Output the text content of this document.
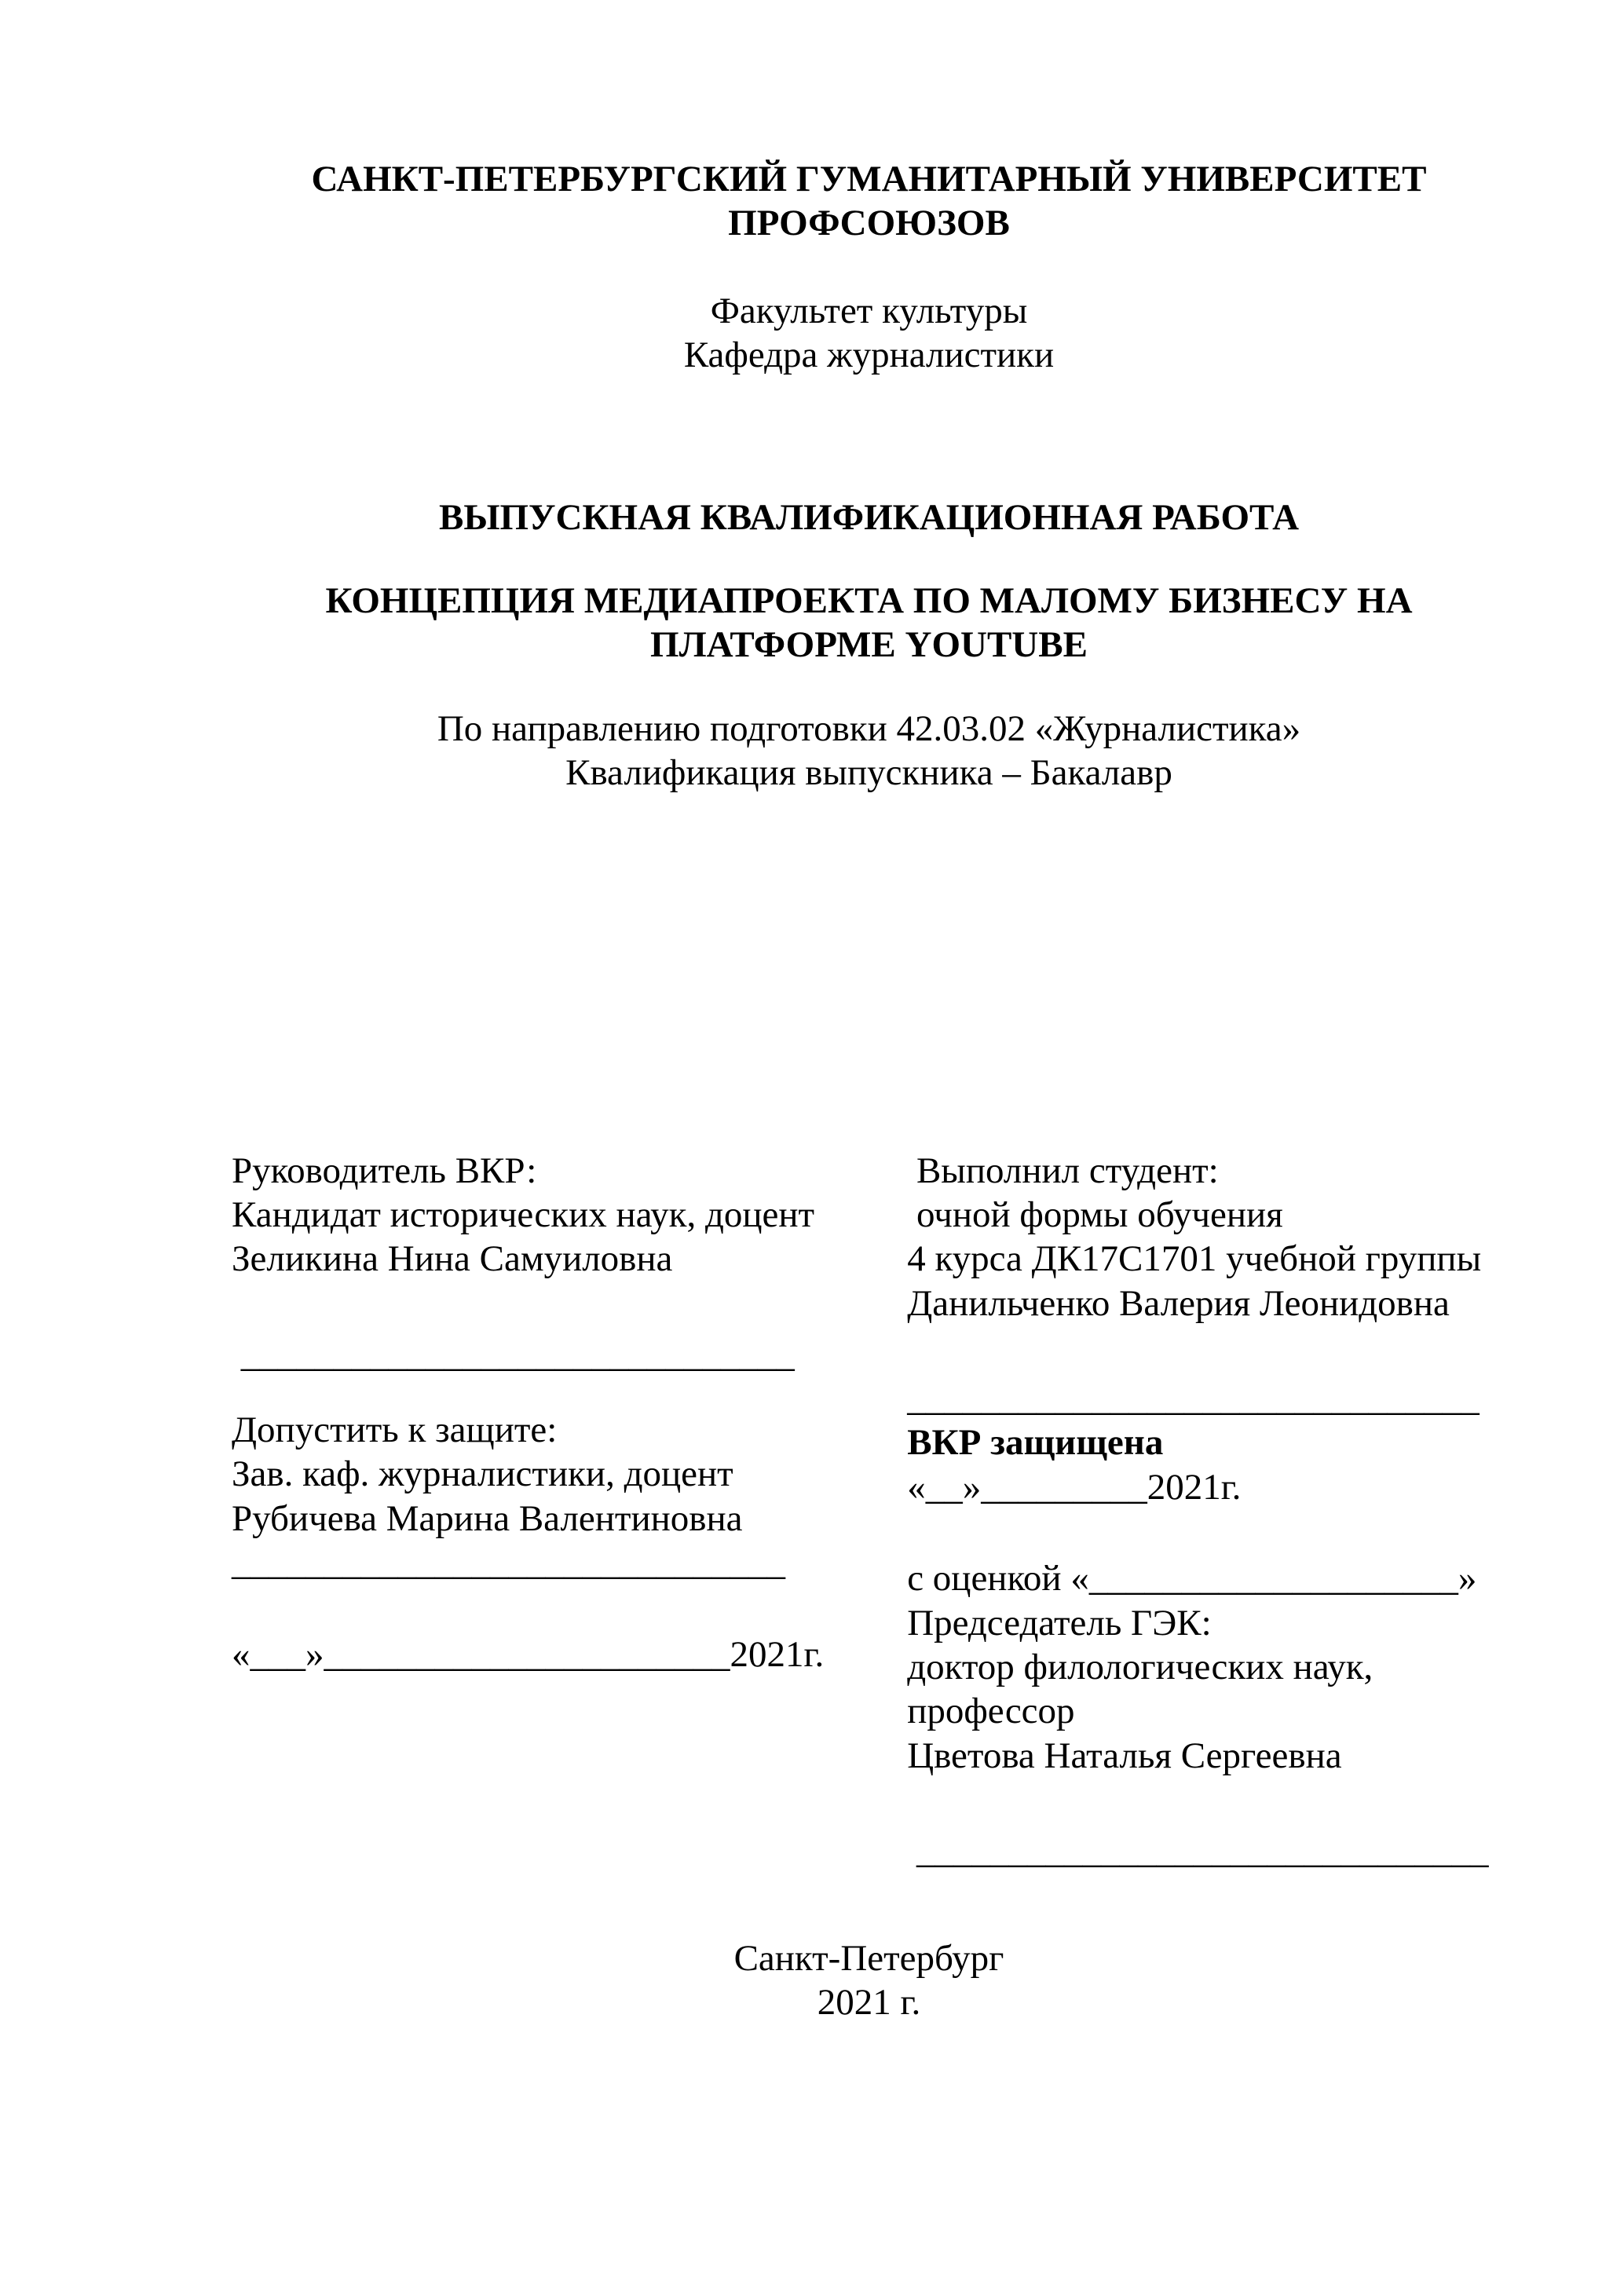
САНКТ-ПЕТЕРБУРГСКИЙ ГУМАНИТАРНЫЙ УНИВЕРСИТЕТ ПРОФСОЮЗОВ
Факультет культуры
Кафедра журналистики
ВЫПУСКНАЯ КВАЛИФИКАЦИОННАЯ РАБОТА
КОНЦЕПЦИЯ МЕДИАПРОЕКТА ПО МАЛОМУ БИЗНЕСУ НА ПЛАТФОРМЕ YOUTUBE
По направлению подготовки 42.03.02 «Журналистика»
Квалификация выпускника – Бакалавр
Руководитель ВКР:
Кандидат исторических наук, доцент
Зеликина Нина Самуиловна
______________________________
Допустить к защите:
Зав. каф. журналистики, доцент
Рубичева Марина Валентиновна
______________________________
«___»______________________2021г.
Выполнил студент:
очной формы обучения
4 курса ДК17С1701 учебной группы
Данильченко Валерия Леонидовна
_______________________________
ВКР защищена
«__»_________2021г.
с оценкой «____________________»
Председатель ГЭК:
доктор филологических наук,
профессор
Цветова Наталья Сергеевна
_______________________________
Санкт-Петербург
2021 г.
